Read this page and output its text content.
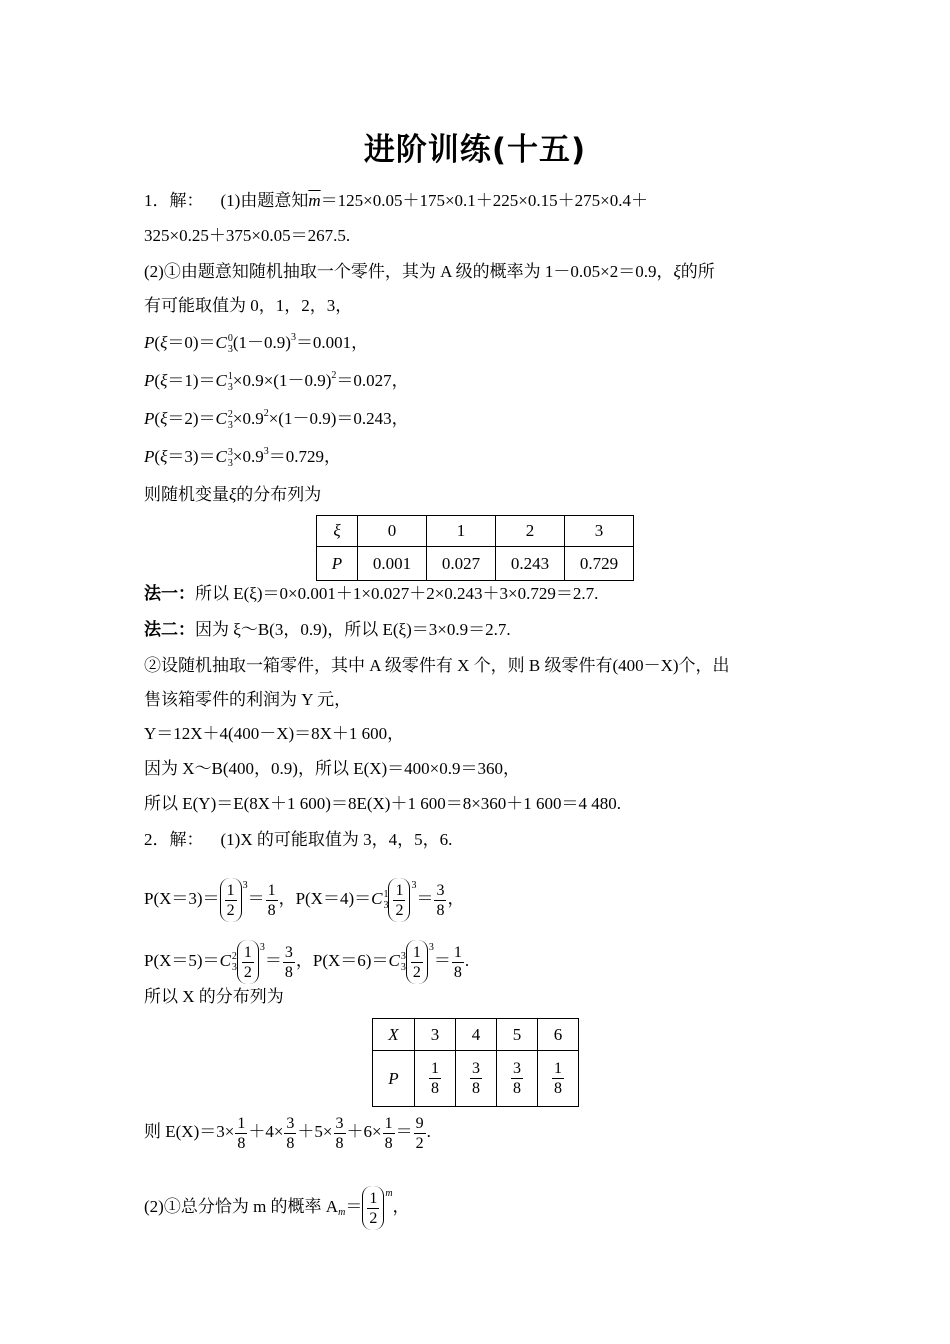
进阶训练(十五)
1．解： (1)由题意知$\overline{m}=125\times 0.05+175\times 0.1+225\times 0.15+275\times 0.4+$
325×0.25＋375×0.05＝267.5.
(2)①由题意知随机抽取一个零件，其为 A 级的概率为 1－0.05×2＝0.9，ξ的所
有可能取值为 0，1，2，3，
P(ξ＝0)＝C 0
3 $(1-0.9)^3=0.001$，
P(ξ＝1)＝C 1
$3 \times 0.9\times(1-0.9)^2=0.027$，
P(ξ＝2)＝C 2
$3 \times 0.9^2\times(1-0.9)=0.243$，
P(ξ＝3)＝C 3
$3 \times 0.9^3=0.729$，
则随机变量ξ的分布列为
ξ	0	1	2	3
P	0.001	0.027	0.243	0.729
法一：所以 E(ξ)＝0×0.001＋1×0.027＋2×0.243＋3×0.729＝2.7.
法二：因为 ξ～B(3，0.9)，所以 E(ξ)＝3×0.9＝2.7.
②设随机抽取一箱零件，其中 A 级零件有 X 个，则 B 级零件有(400－X)个，出
售该箱零件的利润为 Y 元，
Y＝12X＋4(400－X)＝8X＋1 600，
因为 X～B(400，0.9)，所以 E(X)＝400×0.9＝360，
所以 E(Y)＝E(8X＋1 600)＝8E(X)＋1 600＝8×360＋1 600＝4 480.
2．解： (1)X 的可能取值为 3，4，5，6.
$P(X=3)= \frac{1}{2} ^3= \frac{1}{8}$ ，P(X＝4)＝C 1
$3 \frac{1}{2} ^3= \frac{3}{8}$ ，
P(X＝5)＝C 2
$3 \frac{1}{2} ^3= \frac{3}{8}$ ，P(X＝6)＝C 3
$3 \frac{1}{2} ^3= \frac{1}{8}$ .
所以 X 的分布列为
X	3	4	5	6
P	$\frac{1}{8}$	$\frac{3}{8}$	$\frac{3}{8}$	$\frac{1}{8}$
则 $E(X)=3\times \frac{1}{8} +4\times \frac{3}{8} +5\times \frac{3}{8} +6\times \frac{1}{8} = \frac{9}{2}$ .
(2)①总分恰为 m 的概率 $A_m= \frac{1}{2} ^m$，
